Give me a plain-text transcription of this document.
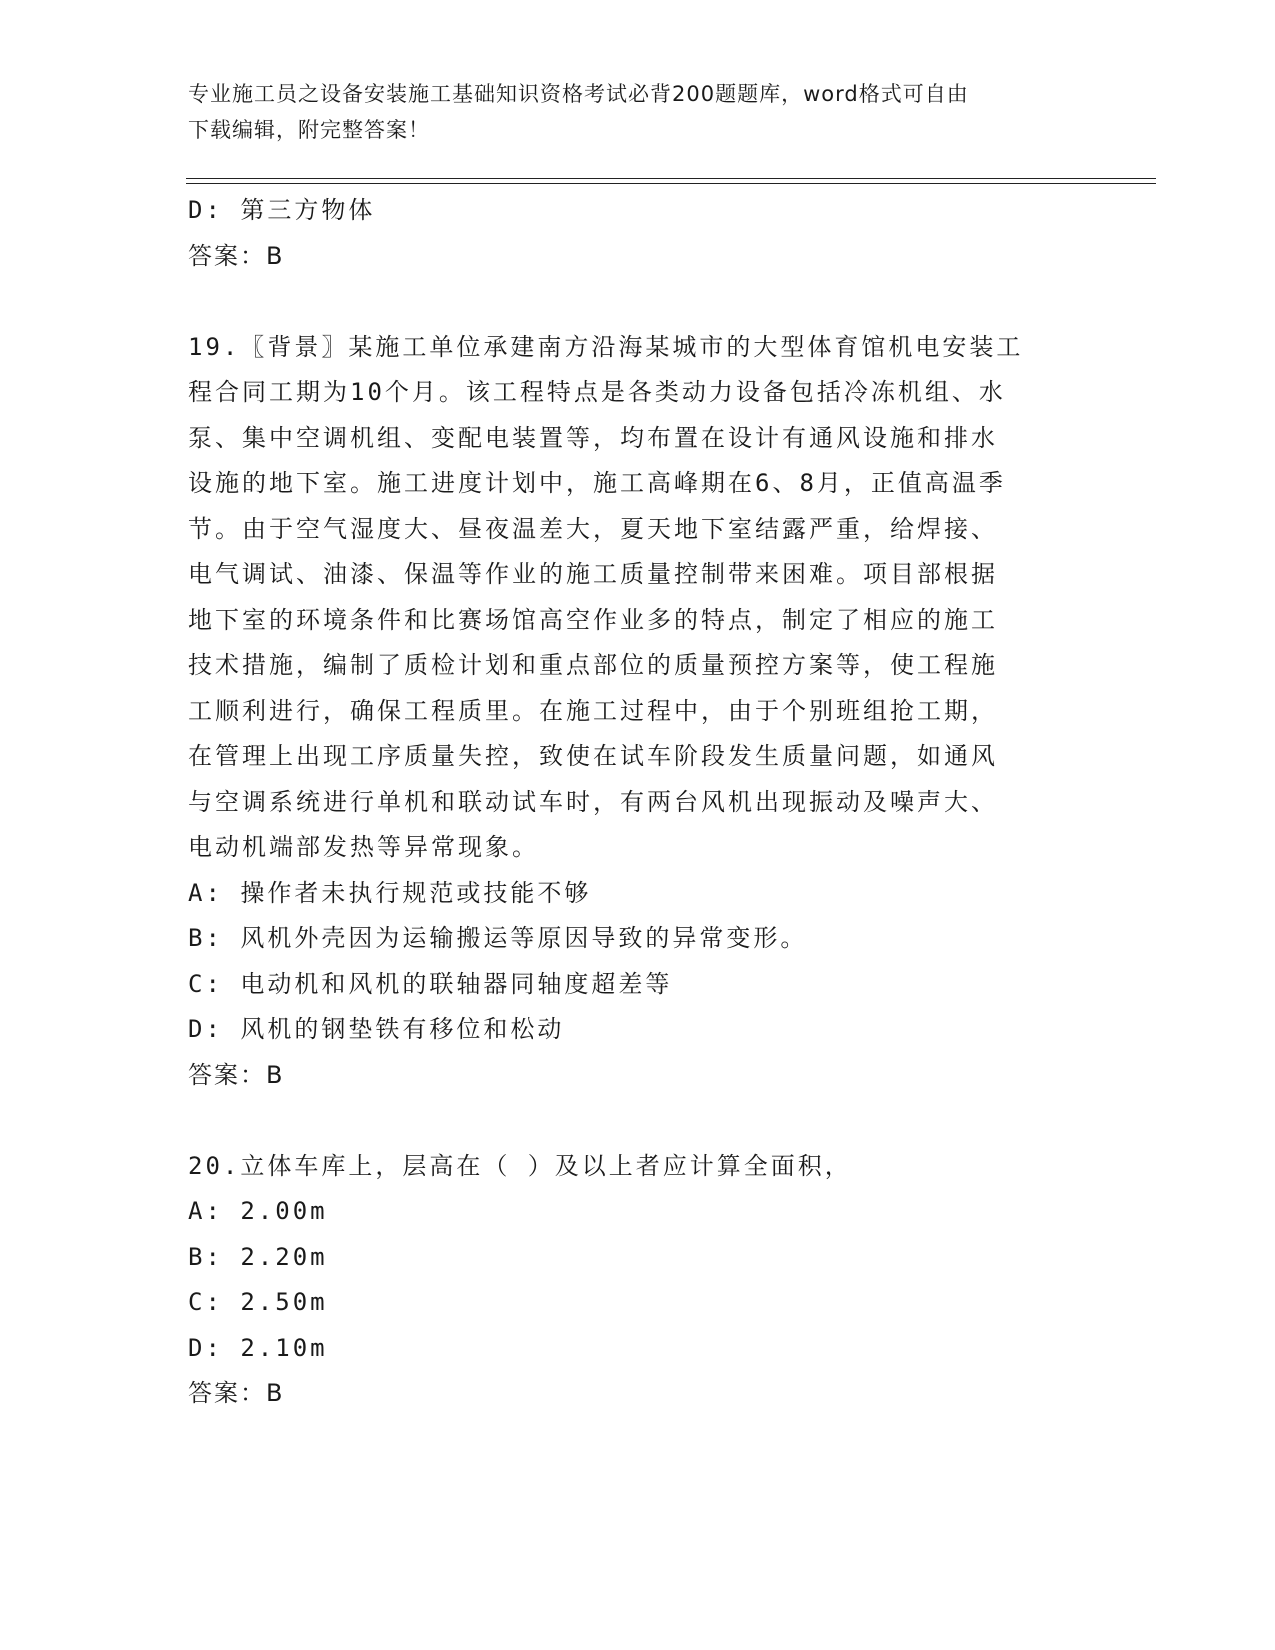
专业施工员之设备安装施工基础知识资格考试必背200题题库，word格式可自由
下载编辑，附完整答案！
D: 第三方物体
答案：B
19.〖背景〗某施工单位承建南方沿海某城市的大型体育馆机电安装工
程合同工期为10个月。该工程特点是各类动力设备包括冷冻机组、水
泵、集中空调机组、变配电装置等，均布置在设计有通风设施和排水
设施的地下室。施工进度计划中，施工高峰期在6、8月，正值高温季
节。由于空气湿度大、昼夜温差大，夏天地下室结露严重，给焊接、
电气调试、油漆、保温等作业的施工质量控制带来困难。项目部根据
地下室的环境条件和比赛场馆高空作业多的特点，制定了相应的施工
技术措施，编制了质检计划和重点部位的质量预控方案等，使工程施
工顺利进行，确保工程质里。在施工过程中，由于个别班组抢工期，
在管理上出现工序质量失控，致使在试车阶段发生质量问题，如通风
与空调系统进行单机和联动试车时，有两台风机出现振动及噪声大、
电动机端部发热等异常现象。
A: 操作者未执行规范或技能不够
B: 风机外壳因为运输搬运等原因导致的异常变形。
C: 电动机和风机的联轴器同轴度超差等
D: 风机的钢垫铁有移位和松动
答案：B
20.立体车库上，层高在（ ）及以上者应计算全面积，
A: 2.00m
B: 2.20m
C: 2.50m
D: 2.10m
答案：B
